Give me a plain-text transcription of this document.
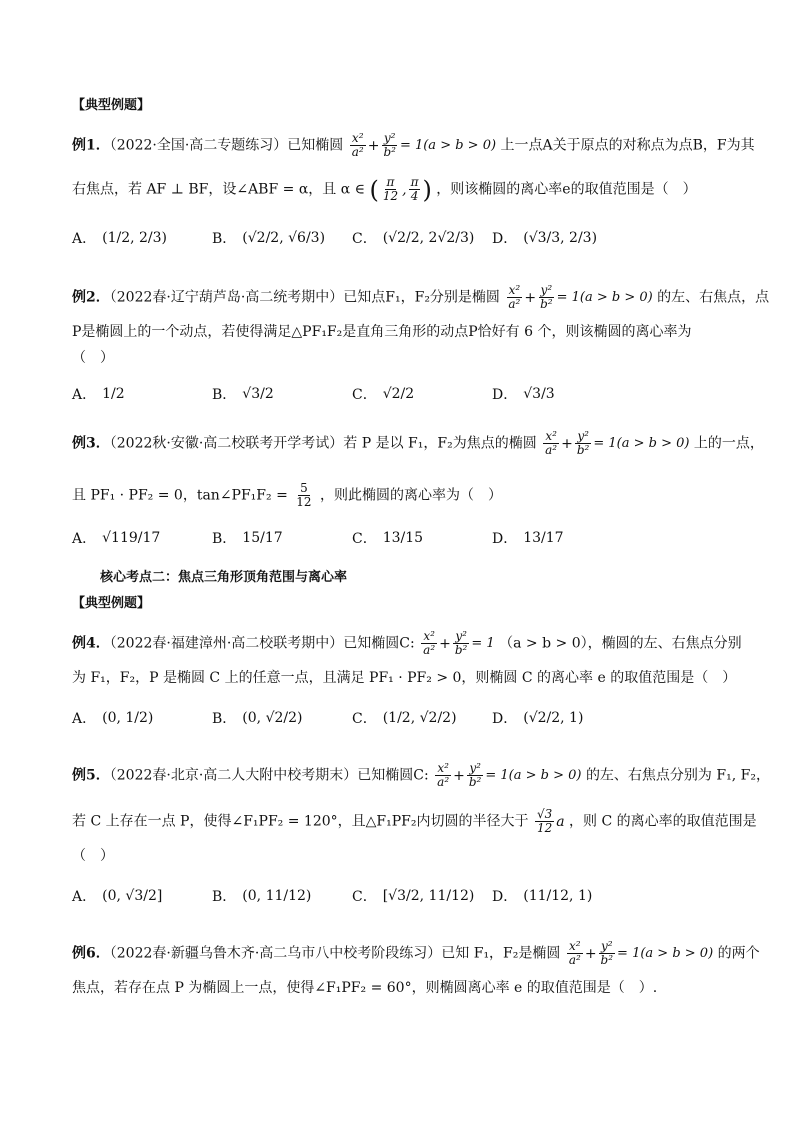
【典型例题】
例1．（2022·全国·高二专题练习）已知椭圆 $\frac{\text{x²}}{\text{a²}} + \frac{\text{y²}}{\text{b²}} = 1(a > b > 0)$ 上一点A关于原点的对称点为点B，F为其
右焦点，若 AF ⊥ BF，设∠ABF = α，且 α ∈ ( $\frac{\pi}{12}$ , $\frac{\pi}{4}$ ) ，则该椭圆的离心率e的取值范围是（　）
A． (1/2, 2/3)	B． (√2/2, √6/3) C． (√2/2, 2√2/3) D． (√3/3, 2/3)
例2．（2022春·辽宁葫芦岛·高二统考期中）已知点F₁，F₂分别是椭圆 $\frac{\text{x²}}{\text{a²}} + \frac{\text{y²}}{\text{b²}} = 1(a > b > 0)$ 的左、右焦点，点
P是椭圆上的一个动点，若使得满足△PF₁F₂是直角三角形的动点P恰好有 6 个，则该椭圆的离心率为
（　）
A． 1/2	B． √3/2	C． √2/2	D． √3/3
例3．（2022秋·安徽·高二校联考开学考试）若 P 是以 F₁，F₂为焦点的椭圆 $\frac{\text{x²}}{\text{a²}} + \frac{\text{y²}}{\text{b²}} = 1(a > b > 0)$ 上的一点，
且 PF₁ · PF₂ = 0，tan∠PF₁F₂ = $\frac{5}{12}$ ，则此椭圆的离心率为（　）
A． √119/17	B． 15/17	C． 13/15	D． 13/17
核心考点二：焦点三角形顶角范围与离心率
【典型例题】
例4．（2022春·福建漳州·高二校联考期中）已知椭圆C: $\frac{\text{x²}}{\text{a²}} + \frac{\text{y²}}{\text{b²}} = 1$ （a > b > 0），椭圆的左、右焦点分别
为 F₁，F₂，P 是椭圆 C 上的任意一点，且满足 PF₁ · PF₂ > 0，则椭圆 C 的离心率 e 的取值范围是（　）
A． (0, 1/2)	B． (0, √2/2)	C． (1/2, √2/2)	D． (√2/2, 1)
例5．（2022春·北京·高二人大附中校考期末）已知椭圆C: $\frac{\text{x²}}{\text{a²}} + \frac{\text{y²}}{\text{b²}} = 1(a > b > 0)$ 的左、右焦点分别为 F₁, F₂，
若 C 上存在一点 P，使得∠F₁PF₂ = 120°，且△F₁PF₂内切圆的半径大于 $\frac{√3}{12}$ a ，则 C 的离心率的取值范围是
（　）
A． (0, √3/2]	B． (0, 11/12)	C． [√3/2, 11/12) D． (11/12, 1)
例6．（2022春·新疆乌鲁木齐·高二乌市八中校考阶段练习）已知 F₁，F₂是椭圆 $\frac{\text{x²}}{\text{a²}} + \frac{\text{y²}}{\text{b²}} = 1(a > b > 0)$ 的两个
焦点，若存在点 P 为椭圆上一点，使得∠F₁PF₂ = 60°，则椭圆离心率 e 的取值范围是（　）.
